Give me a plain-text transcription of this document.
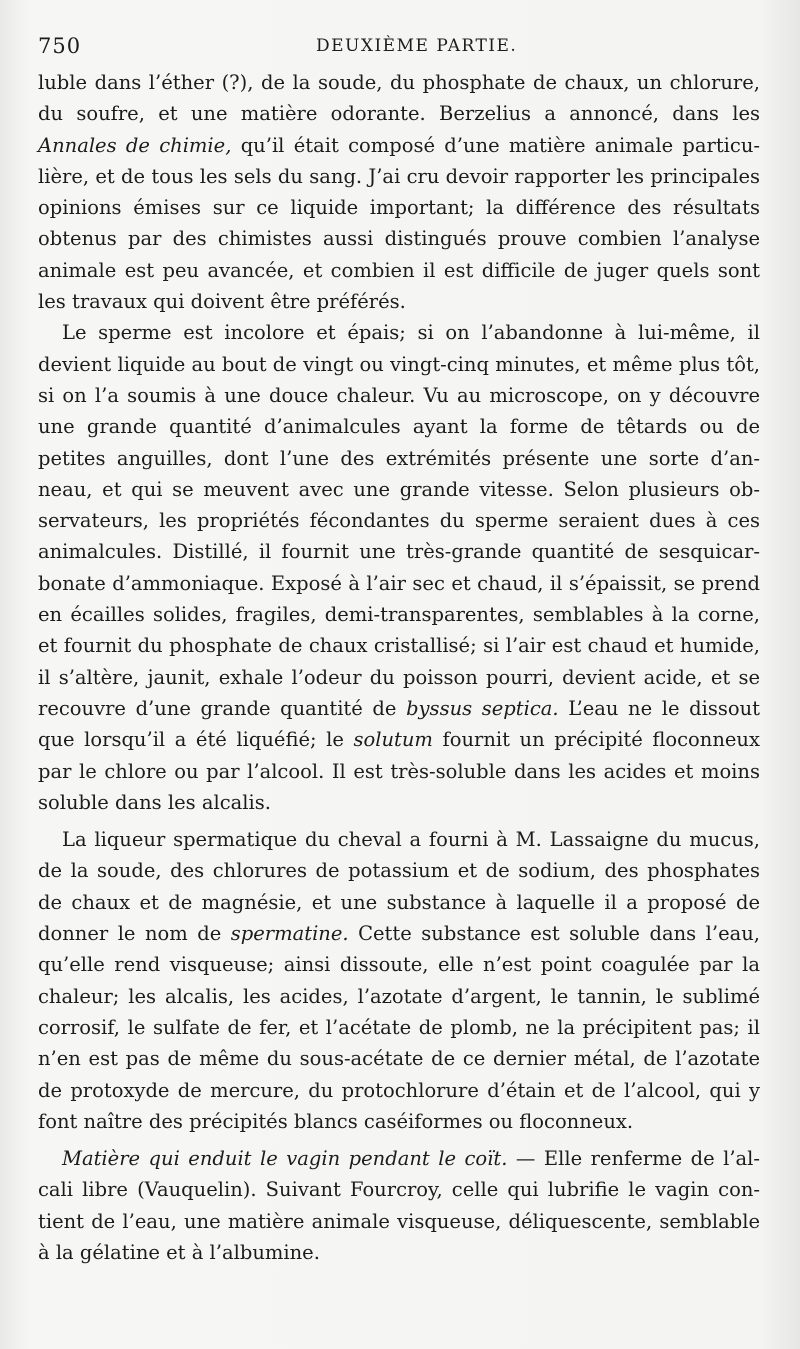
750	DEUXIÈME PARTIE.

luble dans l’éther (?), de la soude, du phosphate de chaux, un chlorure, du soufre, et une matière odorante. Berzelius a annoncé, dans les Annales de chimie, qu’il était composé d’une matière animale particulière, et de tous les sels du sang. J’ai cru devoir rapporter les principales opinions émises sur ce liquide important; la différence des résultats obtenus par des chimistes aussi distingués prouve combien l’analyse animale est peu avancée, et combien il est difficile de juger quels sont les travaux qui doivent être préférés.

Le sperme est incolore et épais; si on l’abandonne à lui-même, il devient liquide au bout de vingt ou vingt-cinq minutes, et même plus tôt, si on l’a soumis à une douce chaleur. Vu au microscope, on y découvre une grande quantité d’animalcules ayant la forme de têtards ou de petites anguilles, dont l’une des extrémités présente une sorte d’anneau, et qui se meuvent avec une grande vitesse. Selon plusieurs observateurs, les propriétés fécondantes du sperme seraient dues à ces animalcules. Distillé, il fournit une très-grande quantité de sesquicarbonate d’ammoniaque. Exposé à l’air sec et chaud, il s’épaissit, se prend en écailles solides, fragiles, demi-transparentes, semblables à la corne, et fournit du phosphate de chaux cristallisé; si l’air est chaud et humide, il s’altère, jaunit, exhale l’odeur du poisson pourri, devient acide, et se recouvre d’une grande quantité de byssus septica. L’eau ne le dissout que lorsqu’il a été liquéfié; le solutum fournit un précipité floconneux par le chlore ou par l’alcool. Il est très-soluble dans les acides et moins soluble dans les alcalis.

La liqueur spermatique du cheval a fourni à M. Lassaigne du mucus, de la soude, des chlorures de potassium et de sodium, des phosphates de chaux et de magnésie, et une substance à laquelle il a proposé de donner le nom de spermatine. Cette substance est soluble dans l’eau, qu’elle rend visqueuse; ainsi dissoute, elle n’est point coagulée par la chaleur; les alcalis, les acides, l’azotate d’argent, le tannin, le sublimé corrosif, le sulfate de fer, et l’acétate de plomb, ne la précipitent pas; il n’en est pas de même du sous-acétate de ce dernier métal, de l’azotate de protoxyde de mercure, du protochlorure d’étain et de l’alcool, qui y font naître des précipités blancs caséiformes ou floconneux.

Matière qui enduit le vagin pendant le coït. — Elle renferme de l’alcali libre (Vauquelin). Suivant Fourcroy, celle qui lubrifie le vagin contient de l’eau, une matière animale visqueuse, déliquescente, semblable à la gélatine et à l’albumine.
